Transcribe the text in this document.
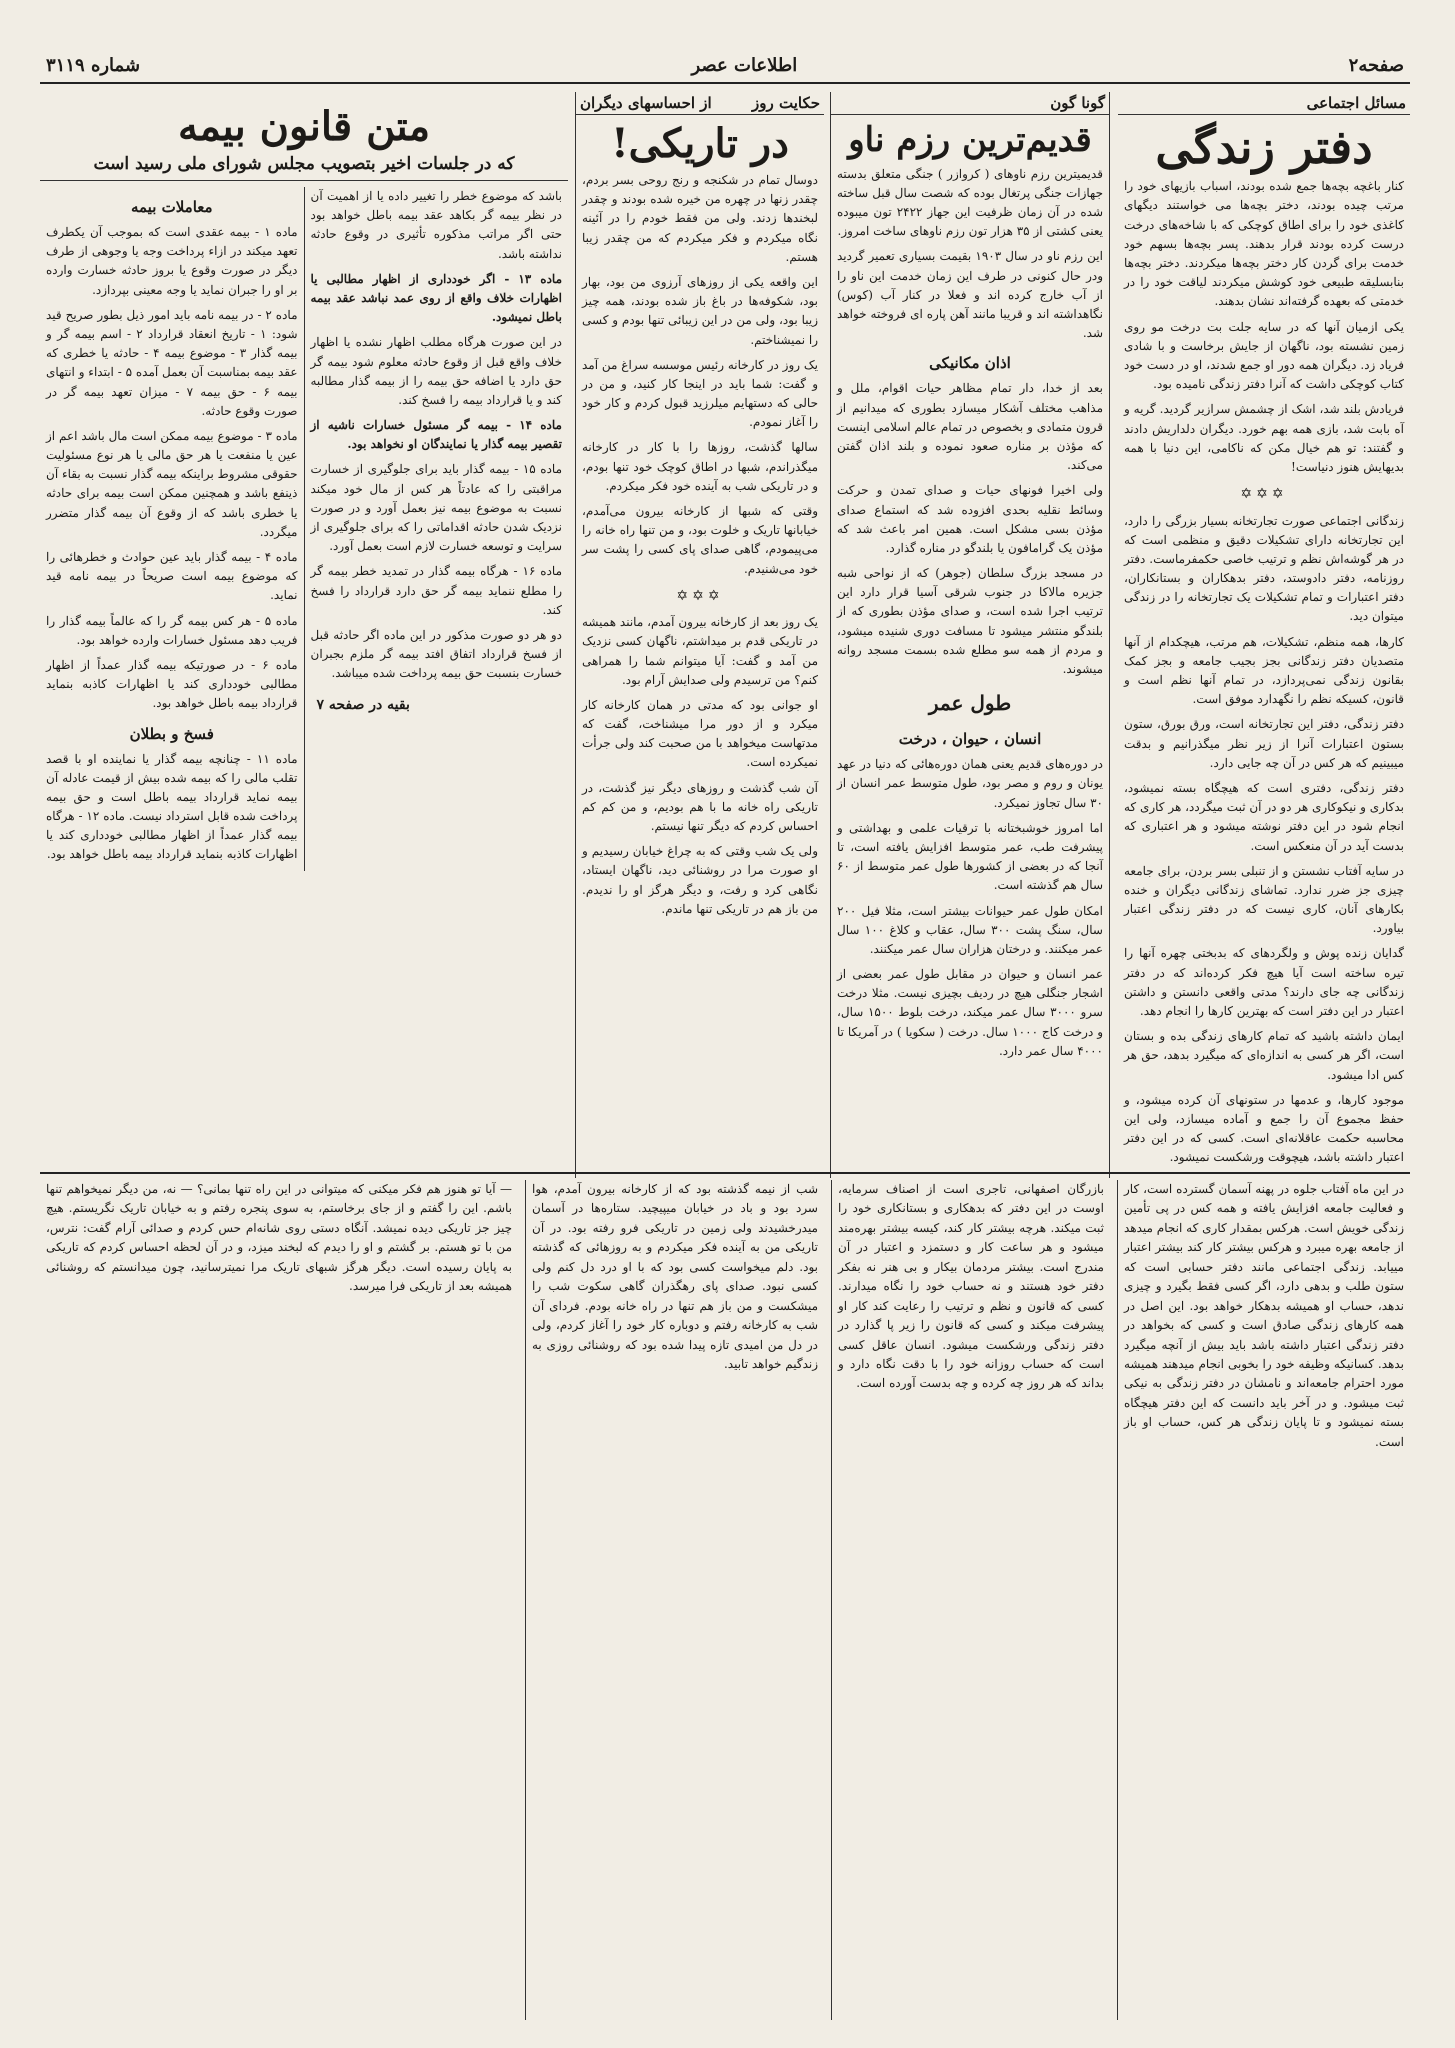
صفحه۲
اطلاعات عصر
شماره ۳۱۱۹
مسائل اجتماعی
دفتر زندگی

کنار باغچه بچه‌ها جمع شده بودند، اسباب بازیهای خود را مرتب چیده بودند، دختر بچه‌ها می خواستند دیگهای کاغذی خود را برای اطاق کوچکی که با شاخه‌های درخت درست کرده بودند قرار بدهند. پسر بچه‌ها بسهم خود خدمت برای گردن کار دختر بچه‌ها میکردند. دختر بچه‌ها بنابسلیقه طبیعی خود کوشش میکردند لیاقت خود را در خدمتی که بعهده گرفته‌اند نشان بدهند.

یکی ازمیان آنها که در سایه جلت بت درخت مو روی زمین نشسته بود، ناگهان از جایش برخاست و با شادی فریاد زد. دیگران همه دور او جمع شدند، او در دست خود کتاب کوچکی داشت که آنرا دفتر زندگی نامیده بود.

فریادش بلند شد، اشک از چشمش سرازیر گردید. گریه و آه بابت شد، بازی همه بهم خورد. دیگران دلداریش دادند و گفتند: تو هم خیال مکن که ناکامی، این دنیا با همه بدیهایش هنوز دنیاست!

✡✡✡

زندگانی اجتماعی صورت تجارتخانه بسیار بزرگی را دارد، این تجارتخانه دارای تشکیلات دقیق و منظمی است که در هر گوشه‌اش نظم و ترتیب خاصی حکمفرماست. دفتر روزنامه، دفتر دادوستد، دفتر بدهکاران و بستانکاران، دفتر اعتبارات و تمام تشکیلات یک تجارتخانه را در زندگی میتوان دید.

کارها، همه منظم، تشکیلات، هم مرتب، هیچکدام از آنها متصدیان دفتر زندگانی بجز بجیب جامعه و بجز کمک بقانون زندگی نمی‌پردازد، در تمام آنها نظم است و قانون، کسیکه نظم را نگهدارد موفق است.

دفتر زندگی، دفتر این تجارتخانه است، ورق بورق، ستون بستون اعتبارات آنرا از زیر نظر میگذرانیم و بدقت میبینیم که هر کس در آن چه جایی دارد.

دفتر زندگی، دفتری است که هیچگاه بسته نمیشود، بدکاری و نیکوکاری هر دو در آن ثبت میگردد، هر کاری که انجام شود در این دفتر نوشته میشود و هر اعتباری که بدست آید در آن منعکس است.

در سایه آفتاب نشستن و از تنبلی بسر بردن، برای جامعه چیزی جز ضرر ندارد. تماشای زندگانی دیگران و خنده بکارهای آنان، کاری نیست که در دفتر زندگی اعتبار بیاورد.

گدایان زنده پوش و ولگردهای که بدبختی چهره آنها را تیره ساخته است آیا هیچ فکر کرده‌اند که در دفتر زندگانی چه جای دارند؟ مدتی واقعی دانستن و داشتن اعتبار در این دفتر است که بهترین کارها را انجام دهد.

ایمان داشته باشید که تمام کارهای زندگی بده و بستان است، اگر هر کسی به اندازه‌ای که میگیرد بدهد، حق هر کس ادا میشود.

موجود کارها، و عدمها در ستونهای آن کرده میشود، و حفظ مجموع آن را جمع و آماده میسازد، ولی این محاسبه حکمت عاقلانه‌ای است. کسی که در این دفتر اعتبار داشته باشد، هیچوقت ورشکست نمیشود.

گونا گون
قدیم‌ترین رزم ناو

قدیمیترین رزم ناوهای ( کروازر ) جنگی متعلق بدسته جهازات جنگی پرتغال بوده که شصت سال قبل ساخته شده در آن زمان ظرفیت این جهاز ۲۴۲۲ تون میبوده یعنی کشتی از ۳۵ هزار تون رزم ناوهای ساخت امروز.

این رزم ناو در سال ۱۹۰۳ بقیمت بسیاری تعمیر گردید ودر حال کنونی در طرف این زمان خدمت این ناو را از آب خارج کرده اند و فعلا در کنار آب (کوس) نگاهداشته اند و قریبا مانند آهن پاره ای فروخته خواهد شد.

اذان مکانیکی

بعد از خدا، دار تمام مظاهر حیات اقوام، ملل و مذاهب مختلف آشکار میسازد بطوری که میدانیم از قرون متمادی و بخصوص در تمام عالم اسلامی اینست که مؤذن بر مناره صعود نموده و بلند اذان گفتن می‌کند.

ولی اخیرا فونهای حیات و صدای تمدن و حرکت وسائط نقلیه بحدی افزوده شد که استماع صدای مؤذن بسی مشکل است. همین امر باعث شد که مؤذن یک گرامافون یا بلندگو در مناره گذارد.

در مسجد بزرگ سلطان (جوهر) که از نواحی شبه جزیره مالاکا در جنوب شرقی آسیا قرار دارد این ترتیب اجرا شده است، و صدای مؤذن بطوری که از بلندگو منتشر میشود تا مسافت دوری شنیده میشود، و مردم از همه سو مطلع شده بسمت مسجد روانه میشوند.

طول عمر
انسان ، حیوان ، درخت

در دوره‌های قدیم یعنی همان دوره‌هائی که دنیا در عهد یونان و روم و مصر بود، طول متوسط عمر انسان از ۳۰ سال تجاوز نمیکرد.

اما امروز خوشبختانه با ترقیات علمی و بهداشتی و پیشرفت طب، عمر متوسط افزایش یافته است، تا آنجا که در بعضی از کشورها طول عمر متوسط از ۶۰ سال هم گذشته است.

امکان طول عمر حیوانات بیشتر است، مثلا فیل ۲۰۰ سال، سنگ پشت ۳۰۰ سال، عقاب و کلاغ ۱۰۰ سال عمر میکنند. و درختان هزاران سال عمر میکنند.

عمر انسان و حیوان در مقابل طول عمر بعضی از اشجار جنگلی هیچ در ردیف بچیزی نیست. مثلا درخت سرو ۳۰۰۰ سال عمر میکند، درخت بلوط ۱۵۰۰ سال، و درخت کاج ۱۰۰۰ سال. درخت ( سکویا ) در آمریکا تا ۴۰۰۰ سال عمر دارد.

حکایت روز
از احساسهای دیگران
در تاریکی!

دوسال تمام در شکنجه و رنج روحی بسر بردم، چقدر زنها در چهره من خیره شده بودند و چقدر لبخندها زدند. ولی من فقط خودم را در آئینه نگاه میکردم و فکر میکردم که من چقدر زیبا هستم.

این واقعه یکی از روزهای آرزوی من بود، بهار بود، شکوفه‌ها در باغ باز شده بودند، همه چیز زیبا بود، ولی من در این زیبائی تنها بودم و کسی را نمیشناختم.

یک روز در کارخانه رئیس موسسه سراغ من آمد و گفت: شما باید در اینجا کار کنید، و من در حالی که دستهایم میلرزید قبول کردم و کار خود را آغاز نمودم.

سالها گذشت، روزها را با کار در کارخانه میگذراندم، شبها در اطاق کوچک خود تنها بودم، و در تاریکی شب به آینده خود فکر میکردم.

وقتی که شبها از کارخانه بیرون می‌آمدم، خیابانها تاریک و خلوت بود، و من تنها راه خانه را می‌پیمودم، گاهی صدای پای کسی را پشت سر خود می‌شنیدم.

✡✡✡

یک روز بعد از کارخانه بیرون آمدم، مانند همیشه در تاریکی قدم بر میداشتم، ناگهان کسی نزدیک من آمد و گفت: آیا میتوانم شما را همراهی کنم؟ من ترسیدم ولی صدایش آرام بود.

او جوانی بود که مدتی در همان کارخانه کار میکرد و از دور مرا میشناخت، گفت که مدتهاست میخواهد با من صحبت کند ولی جرأت نمیکرده است.

آن شب گذشت و روزهای دیگر نیز گذشت، در تاریکی راه خانه ما با هم بودیم، و من کم کم احساس کردم که دیگر تنها نیستم.

ولی یک شب وقتی که به چراغ خیابان رسیدیم و او صورت مرا در روشنائی دید، ناگهان ایستاد، نگاهی کرد و رفت، و دیگر هرگز او را ندیدم. من باز هم در تاریکی تنها ماندم.

متن قانون بیمه
که در جلسات اخیر بتصویب مجلس شورای ملی رسید است

باشد که موضوع خطر را تغییر داده یا از اهمیت آن در نظر بیمه گر بکاهد عقد بیمه باطل خواهد بود حتی اگر مراتب مذکوره تأثیری در وقوع حادثه نداشته باشد.

ماده ۱۳ - اگر خودداری از اظهار مطالبی یا اظهارات خلاف واقع از روی عمد نباشد عقد بیمه باطل نمیشود.

در این صورت هرگاه مطلب اظهار نشده یا اظهار خلاف واقع قبل از وقوع حادثه معلوم شود بیمه گر حق دارد یا اضافه حق بیمه را از بیمه گذار مطالبه کند و یا قرارداد بیمه را فسخ کند.

ماده ۱۴ - بیمه گر مسئول خسارات ناشیه از تقصیر بیمه گذار یا نمایندگان او نخواهد بود.

ماده ۱۵ - بیمه گذار باید برای جلوگیری از خسارت مراقبتی را که عادتاً هر کس از مال خود میکند نسبت به موضوع بیمه نیز بعمل آورد و در صورت نزدیک شدن حادثه اقداماتی را که برای جلوگیری از سرایت و توسعه خسارت لازم است بعمل آورد.

ماده ۱۶ - هرگاه بیمه گذار در تمدید خطر بیمه گر را مطلع ننماید بیمه گر حق دارد قرارداد را فسخ کند.

دو هر دو صورت مذکور در این ماده اگر حادثه قبل از فسخ قرارداد اتفاق افتد بیمه گر ملزم بجبران خسارت بنسبت حق بیمه پرداخت شده میباشد.

بقیه در صفحه ۷
معاملات بیمه

ماده ۱ - بیمه عقدی است که بموجب آن یکطرف تعهد میکند در ازاء پرداخت وجه یا وجوهی از طرف دیگر در صورت وقوع یا بروز حادثه خسارت وارده بر او را جبران نماید یا وجه معینی بپردازد.

ماده ۲ - در بیمه نامه باید امور ذیل بطور صریح قید شود: ۱ - تاریخ انعقاد قرارداد ۲ - اسم بیمه گر و بیمه گذار ۳ - موضوع بیمه ۴ - حادثه یا خطری که عقد بیمه بمناسبت آن بعمل آمده ۵ - ابتداء و انتهای بیمه ۶ - حق بیمه ۷ - میزان تعهد بیمه گر در صورت وقوع حادثه.

ماده ۳ - موضوع بیمه ممکن است مال باشد اعم از عین یا منفعت یا هر حق مالی یا هر نوع مسئولیت حقوقی مشروط براینکه بیمه گذار نسبت به بقاء آن ذینفع باشد و همچنین ممکن است بیمه برای حادثه یا خطری باشد که از وقوع آن بیمه گذار متضرر میگردد.

ماده ۴ - بیمه گذار باید عین حوادث و خطرهائی را که موضوع بیمه است صریحاً در بیمه نامه قید نماید.

ماده ۵ - هر کس بیمه گر را که عالماً بیمه گذار را فریب دهد مسئول خسارات وارده خواهد بود.

ماده ۶ - در صورتیکه بیمه گذار عمداً از اظهار مطالبی خودداری کند یا اظهارات کاذبه بنماید قرارداد بیمه باطل خواهد بود.

فسخ و بطلان

ماده ۱۱ - چنانچه بیمه گذار یا نماینده او با قصد تقلب مالی را که بیمه شده بیش از قیمت عادله آن بیمه نماید قرارداد بیمه باطل است و حق بیمه پرداخت شده قابل استرداد نیست. ماده ۱۲ - هرگاه بیمه گذار عمداً از اظهار مطالبی خودداری کند یا اظهارات کاذبه بنماید قرارداد بیمه باطل خواهد بود.

در این ماه آفتاب جلوه در پهنه آسمان گسترده است، کار و فعالیت جامعه افزایش یافته و همه کس در پی تأمین زندگی خویش است. هرکس بمقدار کاری که انجام میدهد از جامعه بهره میبرد و هرکس بیشتر کار کند بیشتر اعتبار مییابد. زندگی اجتماعی مانند دفتر حسابی است که ستون طلب و بدهی دارد، اگر کسی فقط بگیرد و چیزی ندهد، حساب او همیشه بدهکار خواهد بود. این اصل در همه کارهای زندگی صادق است و کسی که بخواهد در دفتر زندگی اعتبار داشته باشد باید بیش از آنچه میگیرد بدهد. کسانیکه وظیفه خود را بخوبی انجام میدهند همیشه مورد احترام جامعه‌اند و نامشان در دفتر زندگی به نیکی ثبت میشود. و در آخر باید دانست که این دفتر هیچگاه بسته نمیشود و تا پایان زندگی هر کس، حساب او باز است.
بازرگان اصفهانی، تاجری است از اصناف سرمایه، اوست در این دفتر که بدهکاری و بستانکاری خود را ثبت میکند. هرچه بیشتر کار کند، کیسه بیشتر بهره‌مند میشود و هر ساعت کار و دستمزد و اعتبار در آن مندرج است. بیشتر مردمان بیکار و بی هنر نه بفکر دفتر خود هستند و نه حساب خود را نگاه میدارند. کسی که قانون و نظم و ترتیب را رعایت کند کار او پیشرفت میکند و کسی که قانون را زیر پا گذارد در دفتر زندگی ورشکست میشود. انسان عاقل کسی است که حساب روزانه خود را با دقت نگاه دارد و بداند که هر روز چه کرده و چه بدست آورده است.
شب از نیمه گذشته بود که از کارخانه بیرون آمدم، هوا سرد بود و باد در خیابان میپیچید. ستاره‌ها در آسمان میدرخشیدند ولی زمین در تاریکی فرو رفته بود. در آن تاریکی من به آینده فکر میکردم و به روزهائی که گذشته بود. دلم میخواست کسی بود که با او درد دل کنم ولی کسی نبود. صدای پای رهگذران گاهی سکوت شب را میشکست و من باز هم تنها در راه خانه بودم. فردای آن شب به کارخانه رفتم و دوباره کار خود را آغاز کردم، ولی در دل من امیدی تازه پیدا شده بود که روشنائی روزی به زندگیم خواهد تابید.
— آیا تو هنوز هم فکر میکنی که میتوانی در این راه تنها بمانی؟ — نه، من دیگر نمیخواهم تنها باشم. این را گفتم و از جای برخاستم، به سوی پنجره رفتم و به خیابان تاریک نگریستم. هیچ چیز جز تاریکی دیده نمیشد. آنگاه دستی روی شانه‌ام حس کردم و صدائی آرام گفت: نترس، من با تو هستم. بر گشتم و او را دیدم که لبخند میزد، و در آن لحظه احساس کردم که تاریکی به پایان رسیده است. دیگر هرگز شبهای تاریک مرا نمیترسانید، چون میدانستم که روشنائی همیشه بعد از تاریکی فرا میرسد.
